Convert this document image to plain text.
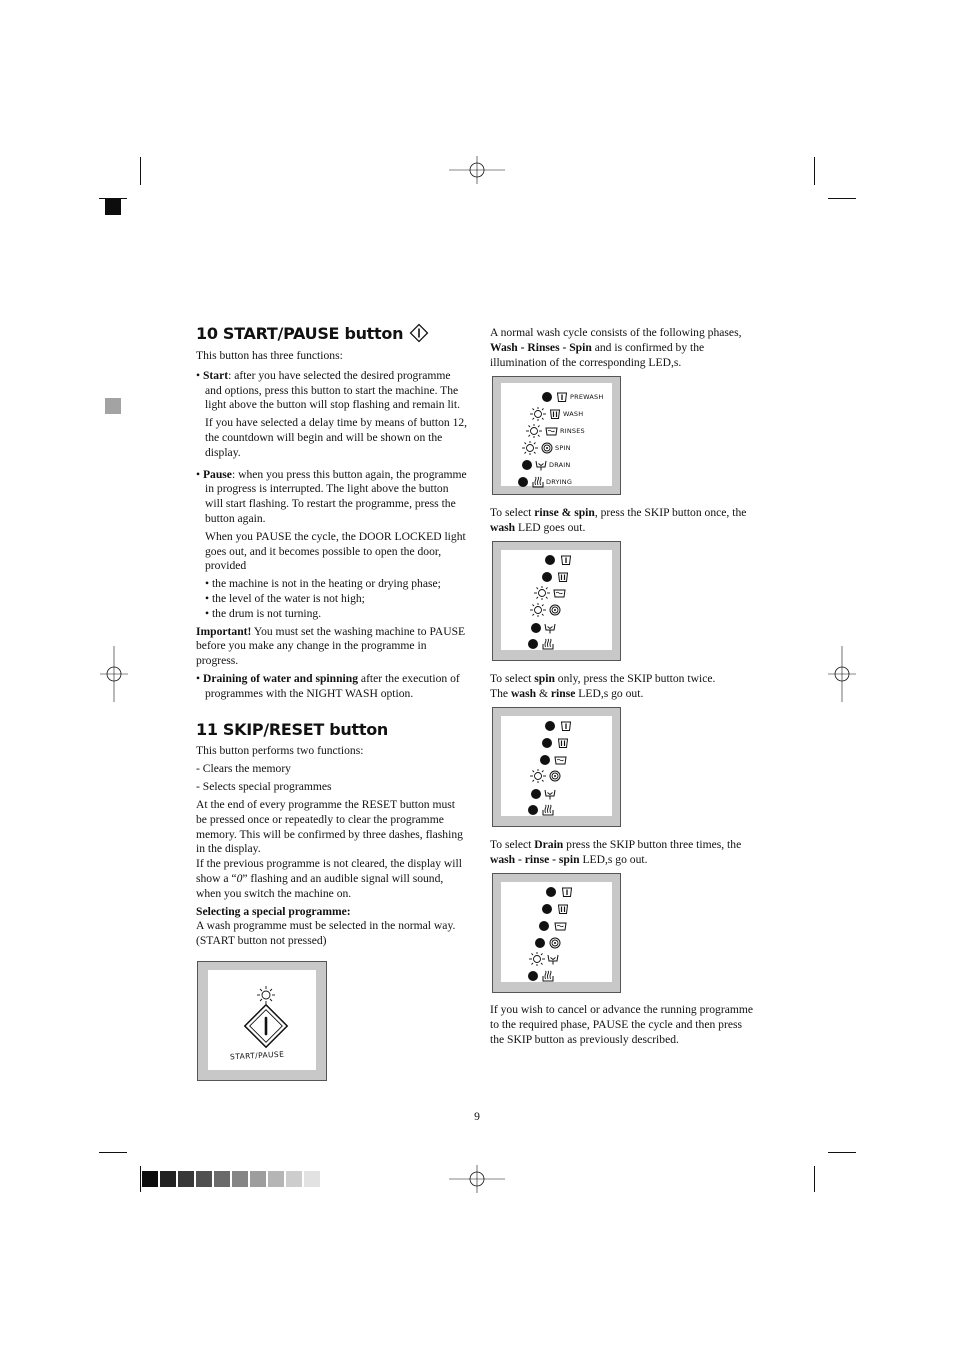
10 START/PAUSE button

This button has three functions:

• Start: after you have selected the desired programme and options, press this button to start the machine. The light above the button will stop flashing and remain lit.

If you have selected a delay time by means of button 12, the countdown will begin and will be shown on the display.

• Pause: when you press this button again, the programme in progress is interrupted. The light above the button will start flashing. To restart the programme, press the button again.

When you PAUSE the cycle, the DOOR LOCKED light goes out, and it becomes possible to open the door, provided

• the machine is not in the heating or drying phase;

• the level of the water is not high;

• the drum is not turning.

Important! You must set the washing machine to PAUSE before you make any change in the programme in progress.

• Draining of water and spinning after the execution of programmes with the NIGHT WASH option.

11 SKIP/RESET button

This button performs two functions:

- Clears the memory

- Selects special programmes

At the end of every programme the RESET button must be pressed once or repeatedly to clear the programme memory. This will be confirmed by three dashes, flashing in the display.

If the previous programme is not cleared, the display will show a “0” flashing and an audible signal will sound, when you switch the machine on.

Selecting a special programme:

A wash programme must be selected in the normal way. (START button not pressed)

START/PAUSE

A normal wash cycle consists of the following phases, Wash - Rinses - Spin and is confirmed by the illumination of the corresponding LED,s.

PREWASH
WASH
RINSES
SPIN
DRAIN
DRYING

To select rinse & spin, press the SKIP button once, the wash LED goes out.

To select spin only, press the SKIP button twice.

The wash & rinse LED,s go out.

To select Drain press the SKIP button three times, the wash - rinse - spin LED,s go out.

If you wish to cancel or advance the running programme to the required phase, PAUSE the cycle and then press the SKIP button as previously described.

9
